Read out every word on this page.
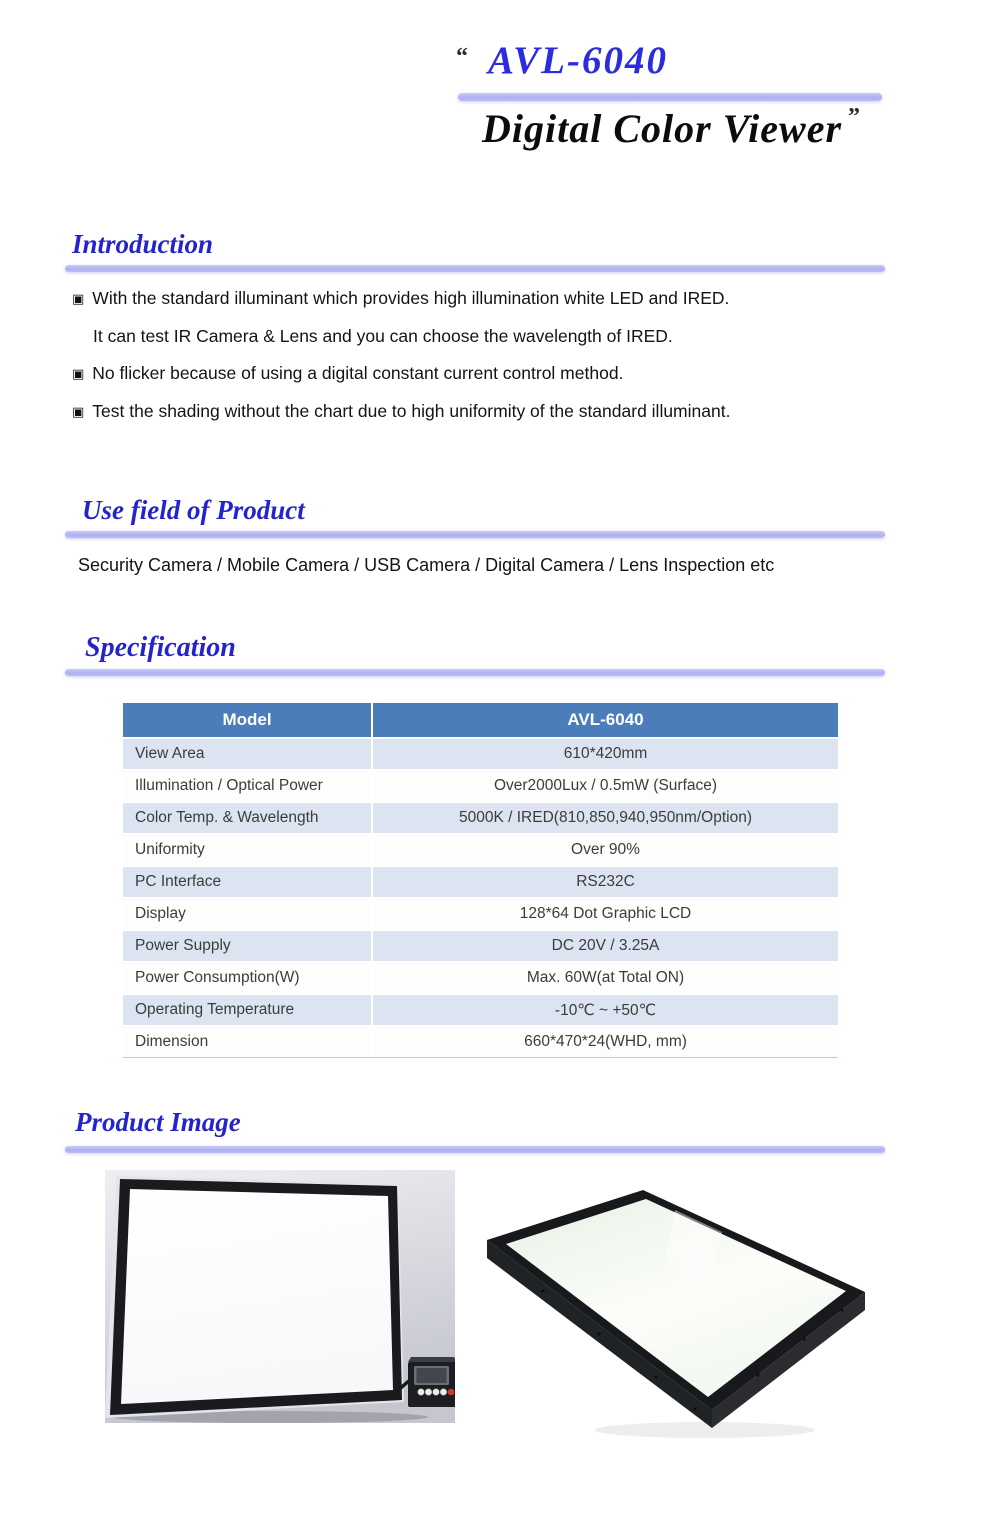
“ AVL-6040
Digital Color Viewer ”
Introduction
▣ With the standard illuminant which provides high illumination white LED and IRED.
It can test IR Camera & Lens and you can choose the wavelength of IRED.
▣ No flicker because of using a digital constant current control method.
▣ Test the shading without the chart due to high uniformity of the standard illuminant.
Use field of Product
Security Camera / Mobile Camera / USB Camera / Digital Camera / Lens Inspection etc
Specification
Model	AVL-6040
View Area	610*420mm
Illumination / Optical Power	Over2000Lux / 0.5mW (Surface)
Color Temp. & Wavelength	5000K / IRED(810,850,940,950nm/Option)
Uniformity	Over 90%
PC Interface	RS232C
Display	128*64 Dot Graphic LCD
Power Supply	DC 20V / 3.25A
Power Consumption(W)	Max. 60W(at Total ON)
Operating Temperature	-10℃ ~ +50℃
Dimension	660*470*24(WHD, mm)
Product Image
